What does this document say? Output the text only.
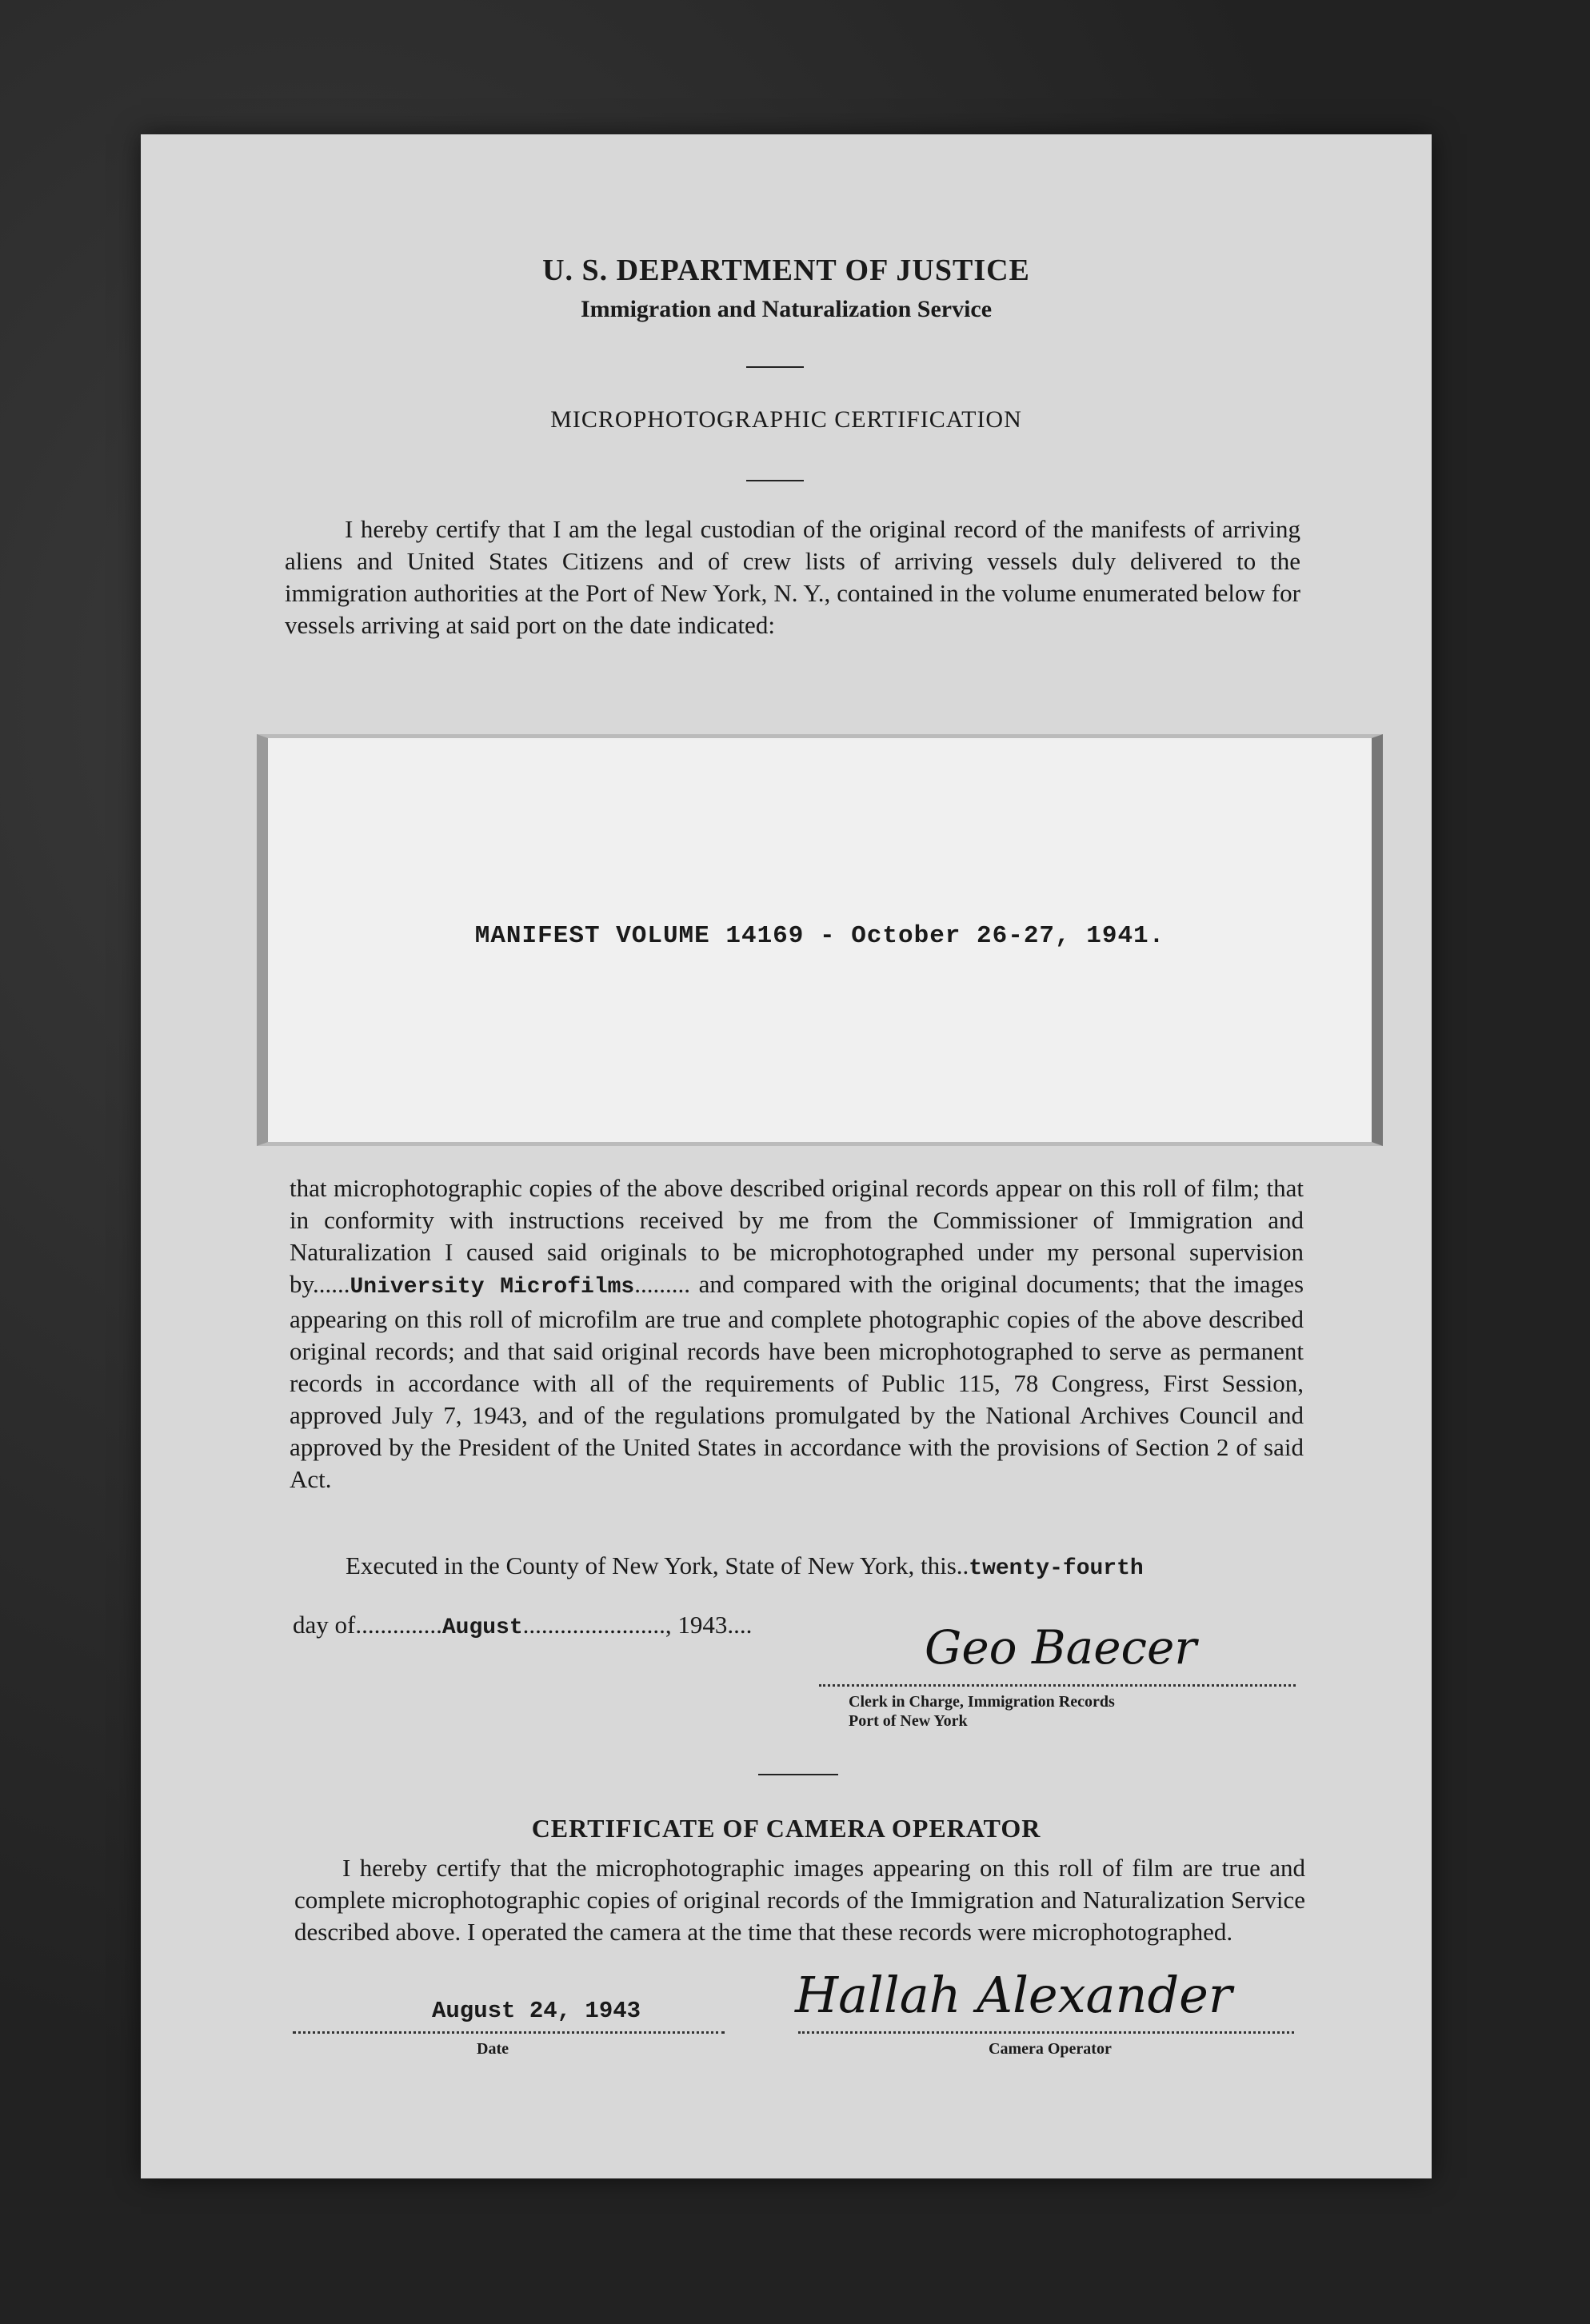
U. S. DEPARTMENT OF JUSTICE
Immigration and Naturalization Service
MICROPHOTOGRAPHIC CERTIFICATION
I hereby certify that I am the legal custodian of the original record of the manifests of arriving aliens and United States Citizens and of crew lists of arriving vessels duly delivered to the immigration authorities at the Port of New York, N. Y., contained in the volume enumerated below for vessels arriving at said port on the date indicated:
MANIFEST VOLUME 14169 - October 26-27, 1941.
that microphotographic copies of the above described original records appear on this roll of film; that in conformity with instructions received by me from the Commissioner of Immigration and Naturalization I caused said originals to be microphotographed under my personal supervision by......University Microfilms......... and compared with the original documents; that the images appearing on this roll of microfilm are true and complete photographic copies of the above described original records; and that said original records have been microphotographed to serve as permanent records in accordance with all of the requirements of Public 115, 78 Congress, First Session, approved July 7, 1943, and of the regulations promulgated by the National Archives Council and approved by the President of the United States in accordance with the provisions of Section 2 of said Act.
Executed in the County of New York, State of New York, this..twenty-fourth
day of..............August......................., 1943....	Geo Baecer
Clerk in Charge, Immigration Records
Port of New York
CERTIFICATE OF CAMERA OPERATOR
I hereby certify that the microphotographic images appearing on this roll of film are true and complete microphotographic copies of original records of the Immigration and Naturalization Service described above. I operated the camera at the time that these records were microphotographed.
August 24, 1943
Date
Hallah Alexander
Camera Operator
